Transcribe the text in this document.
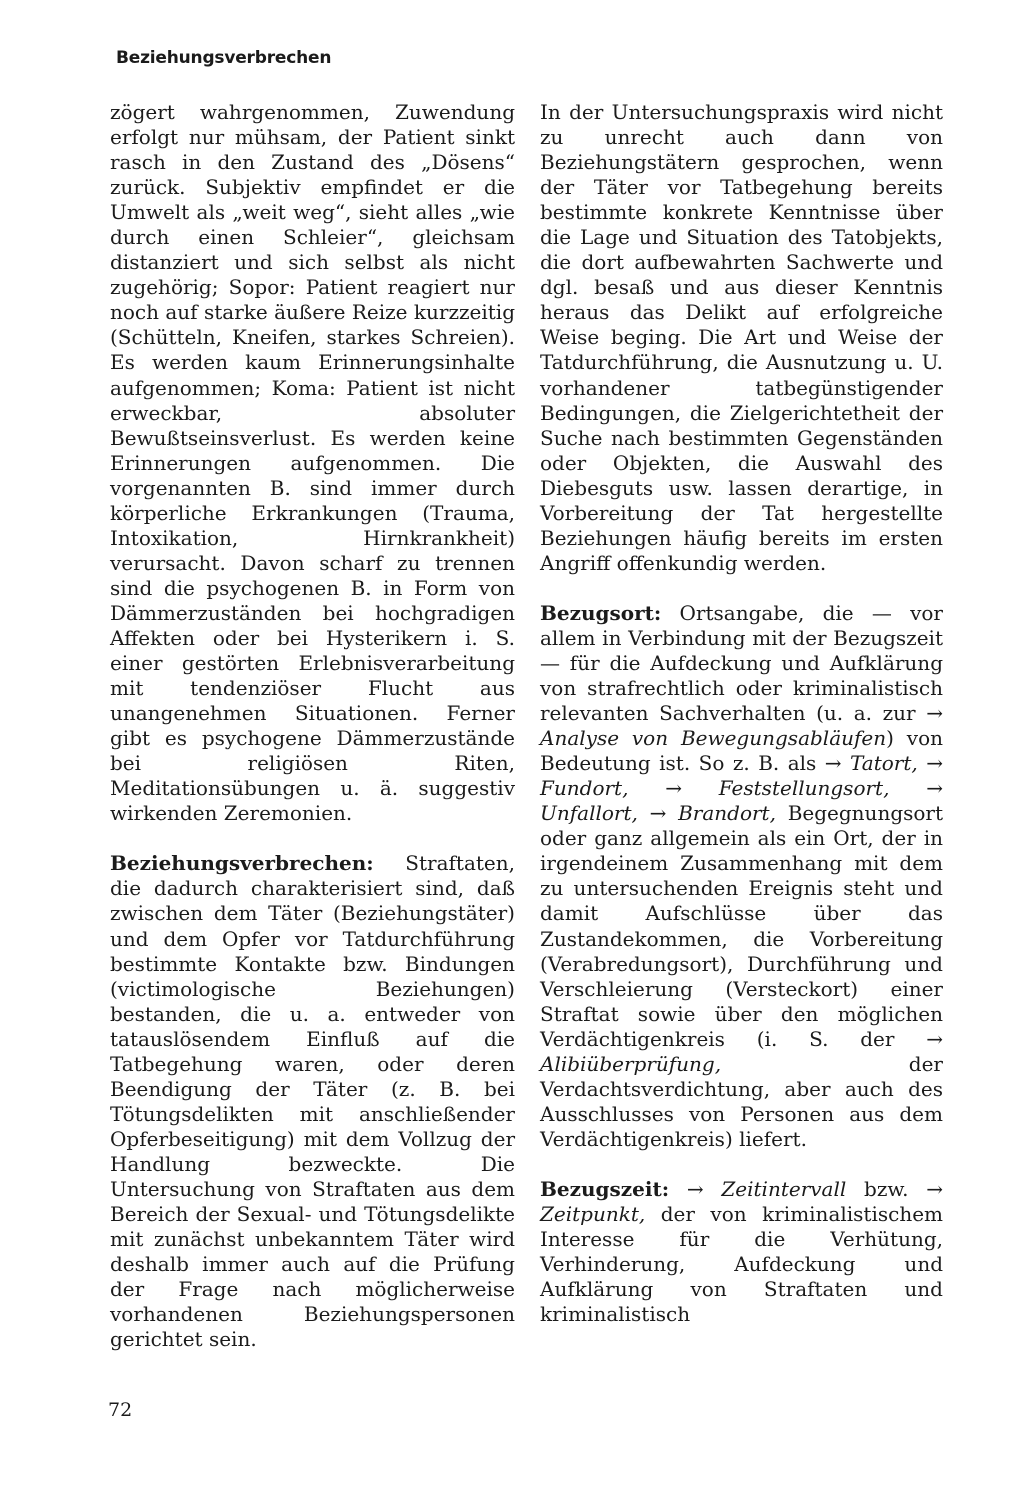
Beziehungsverbrechen

zögert wahrgenommen, Zuwendung erfolgt nur mühsam, der Patient sinkt rasch in den Zustand des „Dösens“ zurück. Subjektiv empfindet er die Umwelt als „weit weg“, sieht alles „wie durch einen Schleier“, gleichsam distanziert und sich selbst als nicht zugehörig; Sopor: Patient reagiert nur noch auf starke äußere Reize kurzzeitig (Schütteln, Kneifen, starkes Schreien). Es werden kaum Erinnerungsinhalte aufgenommen; Koma: Patient ist nicht erweckbar, absoluter Bewußtseinsverlust. Es werden keine Erinnerungen aufgenommen. Die vorgenannten B. sind immer durch körperliche Erkrankungen (Trauma, Intoxikation, Hirnkrankheit) verursacht. Davon scharf zu trennen sind die psychogenen B. in Form von Dämmerzuständen bei hochgradigen Affekten oder bei Hysterikern i. S. einer gestörten Erlebnisverarbeitung mit tendenziöser Flucht aus unangenehmen Situationen. Ferner gibt es psychogene Dämmerzustände bei religiösen Riten, Meditationsübungen u. ä. suggestiv wirkenden Zeremonien.

Beziehungsverbrechen: Straftaten, die dadurch charakterisiert sind, daß zwischen dem Täter (Beziehungstäter) und dem Opfer vor Tatdurchführung bestimmte Kontakte bzw. Bindungen (victimologische Beziehungen) bestanden, die u. a. entweder von tatauslösendem Einfluß auf die Tatbegehung waren, oder deren Beendigung der Täter (z. B. bei Tötungsdelikten mit anschließender Opferbeseitigung) mit dem Vollzug der Handlung bezweckte. Die Untersuchung von Straftaten aus dem Bereich der Sexual- und Tötungsdelikte mit zunächst unbekanntem Täter wird deshalb immer auch auf die Prüfung der Frage nach möglicherweise vorhandenen Beziehungspersonen gerichtet sein.

In der Untersuchungspraxis wird nicht zu unrecht auch dann von Beziehungstätern gesprochen, wenn der Täter vor Tatbegehung bereits bestimmte konkrete Kenntnisse über die Lage und Situation des Tatobjekts, die dort aufbewahrten Sachwerte und dgl. besaß und aus dieser Kenntnis heraus das Delikt auf erfolgreiche Weise beging. Die Art und Weise der Tatdurchführung, die Ausnutzung u. U. vorhandener tatbegünstigender Bedingungen, die Zielgerichtetheit der Suche nach bestimmten Gegenständen oder Objekten, die Auswahl des Diebesguts usw. lassen derartige, in Vorbereitung der Tat hergestellte Beziehungen häufig bereits im ersten Angriff offenkundig werden.

Bezugsort: Ortsangabe, die — vor allem in Verbindung mit der Bezugszeit — für die Aufdeckung und Aufklärung von strafrechtlich oder kriminalistisch relevanten Sachverhalten (u. a. zur → Analyse von Bewegungsabläufen) von Bedeutung ist. So z. B. als → Tatort, → Fundort, → Feststellungsort, → Unfallort, → Brandort, Begegnungsort oder ganz allgemein als ein Ort, der in irgendeinem Zusammenhang mit dem zu untersuchenden Ereignis steht und damit Aufschlüsse über das Zustandekommen, die Vorbereitung (Verabredungsort), Durchführung und Verschleierung (Versteckort) einer Straftat sowie über den möglichen Verdächtigenkreis (i. S. der → Alibiüberprüfung,	der Verdachtsverdichtung, aber auch des Ausschlusses von Personen aus dem Verdächtigenkreis) liefert.

Bezugszeit: → Zeitintervall bzw. → Zeitpunkt, der von kriminalistischem Interesse für die Verhütung, Verhinderung, Aufdeckung und Aufklärung von Straftaten und kriminalistisch

72
